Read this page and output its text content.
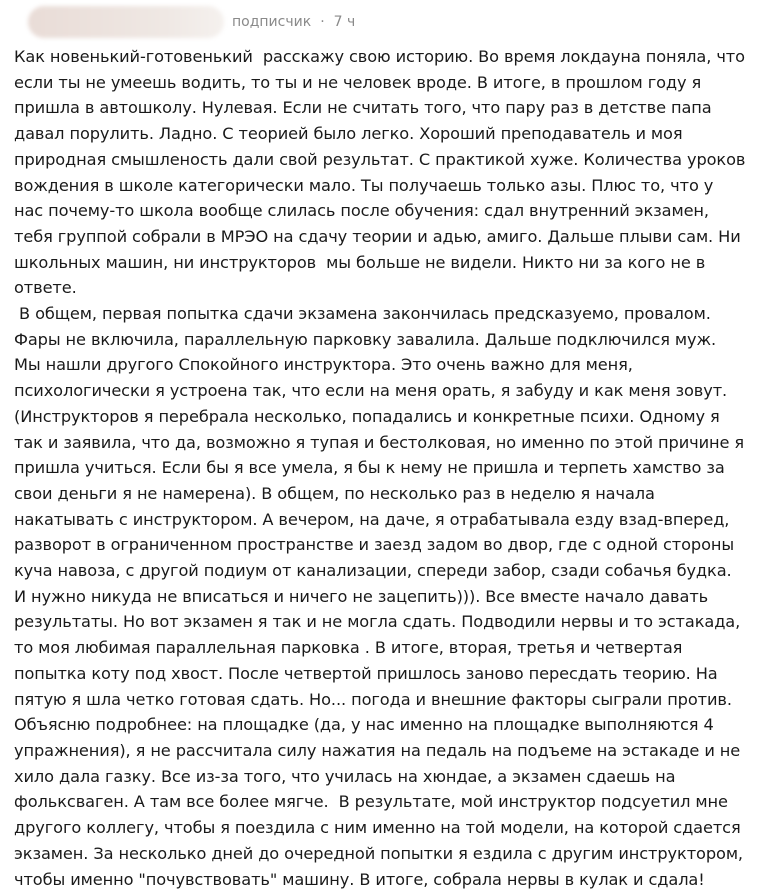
подписчик · 7 ч

Как новенький-готовенький  расскажу свою историю. Во время локдауна поняла, что если ты не умеешь водить, то ты и не человек вроде. В итоге, в прошлом году я пришла в автошколу. Нулевая. Если не считать того, что пару раз в детстве папа давал порулить. Ладно. С теорией было легко. Хороший преподаватель и моя природная смышленость дали свой результат. С практикой хуже. Количества уроков вождения в школе категорически мало. Ты получаешь только азы. Плюс то, что у нас почему-то школа вообще слилась после обучения: сдал внутренний экзамен, тебя группой собрали в МРЭО на сдачу теории и адью, амиго. Дальше плыви сам. Ни школьных машин, ни инструкторов  мы больше не видели. Никто ни за кого не в ответе.

В общем, первая попытка сдачи экзамена закончилась предсказуемо, провалом. Фары не включила, параллельную парковку завалила. Дальше подключился муж. Мы нашли другого Спокойного инструктора. Это очень важно для меня, психологически я устроена так, что если на меня орать, я забуду и как меня зовут. (Инструкторов я перебрала несколько, попадались и конкретные психи. Одному я так и заявила, что да, возможно я тупая и бестолковая, но именно по этой причине я пришла учиться. Если бы я все умела, я бы к нему не пришла и терпеть хамство за свои деньги я не намерена). В общем, по несколько раз в неделю я начала накатывать с инструктором. А вечером, на даче, я отрабатывала езду взад-вперед, разворот в ограниченном пространстве и заезд задом во двор, где с одной стороны куча навоза, с другой подиум от канализации, спереди забор, сзади собачья будка. И нужно никуда не вписаться и ничего не зацепить))). Все вместе начало давать результаты. Но вот экзамен я так и не могла сдать. Подводили нервы и то эстакада, то моя любимая параллельная парковка . В итоге, вторая, третья и четвертая попытка коту под хвост. После четвертой пришлось заново пересдать теорию. На пятую я шла четко готовая сдать. Но... погода и внешние факторы сыграли против.

Объясню подробнее: на площадке (да, у нас именно на площадке выполняются 4 упражнения), я не рассчитала силу нажатия на педаль на подъеме на эстакаде и не хило дала газку. Все из-за того, что училась на хюндае, а экзамен сдаешь на фольксваген. А там все более мягче.  В результате, мой инструктор подсуетил мне другого коллегу, чтобы я поездила с ним именно на той модели, на которой сдается экзамен. За несколько дней до очередной попытки я ездила с другим инструктором, чтобы именно "почувствовать" машину. В итоге, собрала нервы в кулак и сдала!
